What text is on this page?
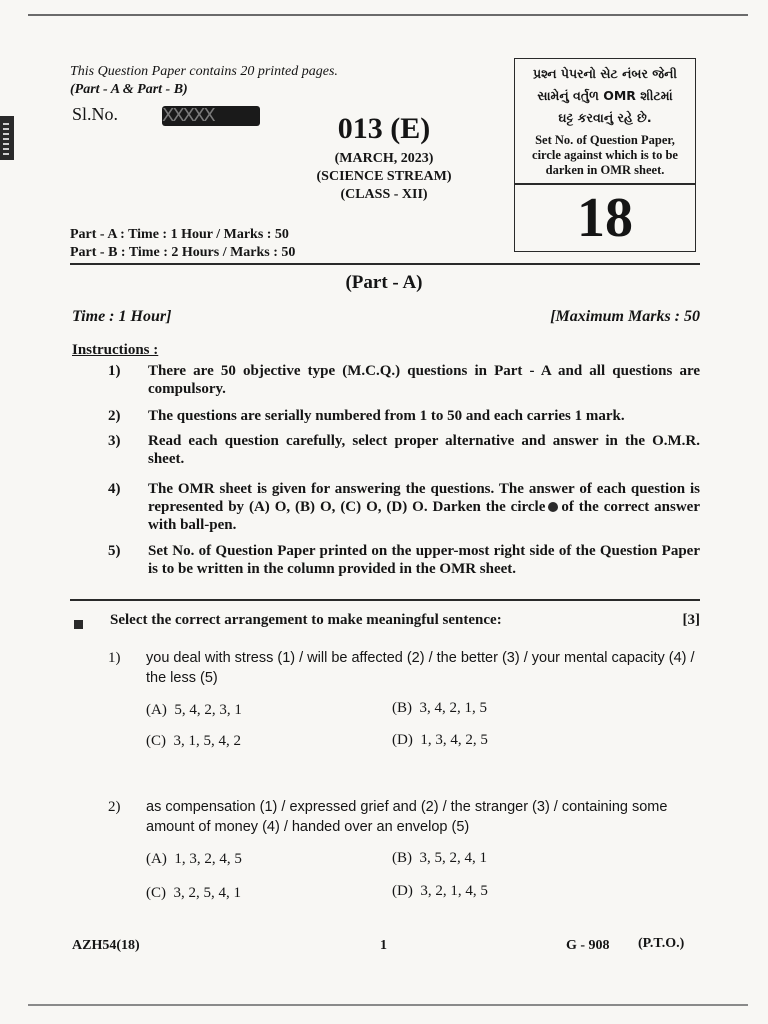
This Question Paper contains 20 printed pages.
(Part - A & Part - B)
Sl.No. XXXXX	013 (E)
(MARCH, 2023)
(SCIENCE STREAM)
(CLASS - XII)
પ્રશ્ન પેપરનો સેટ નંબર જેની
સામેનું વર્તુળ OMR શીટમાં
ઘટ્ટ કરવાનું રહે છે.
Set No. of Question Paper,
circle against which is to be
darken in OMR sheet.
18
Part - A : Time : 1 Hour / Marks : 50
Part - B : Time : 2 Hours / Marks : 50
(Part - A)
Time : 1 Hour]	[Maximum Marks : 50
Instructions :
1) There are 50 objective type (M.C.Q.) questions in Part - A and all questions are compulsory.
2) The questions are serially numbered from 1 to 50 and each carries 1 mark.
3) Read each question carefully, select proper alternative and answer in the O.M.R. sheet.
4) The OMR sheet is given for answering the questions. The answer of each question is represented by (A) O, (B) O, (C) O, (D) O. Darken the circle of the correct answer with ball-pen.
5) Set No. of Question Paper printed on the upper-most right side of the Question Paper is to be written in the column provided in the OMR sheet.
Select the correct arrangement to make meaningful sentence:	[3]
1) you deal with stress (1) / will be affected (2) / the better (3) / your mental capacity (4) / the less (5)
(A) 5, 4, 2, 3, 1	(B) 3, 4, 2, 1, 5
(C) 3, 1, 5, 4, 2	(D) 1, 3, 4, 2, 5
2) as compensation (1) / expressed grief and (2) / the stranger (3) / containing some amount of money (4) / handed over an envelop (5)
(A) 1, 3, 2, 4, 5	(B) 3, 5, 2, 4, 1
(C) 3, 2, 5, 4, 1	(D) 3, 2, 1, 4, 5
AZH54(18)	1	G - 908 (P.T.O.)
